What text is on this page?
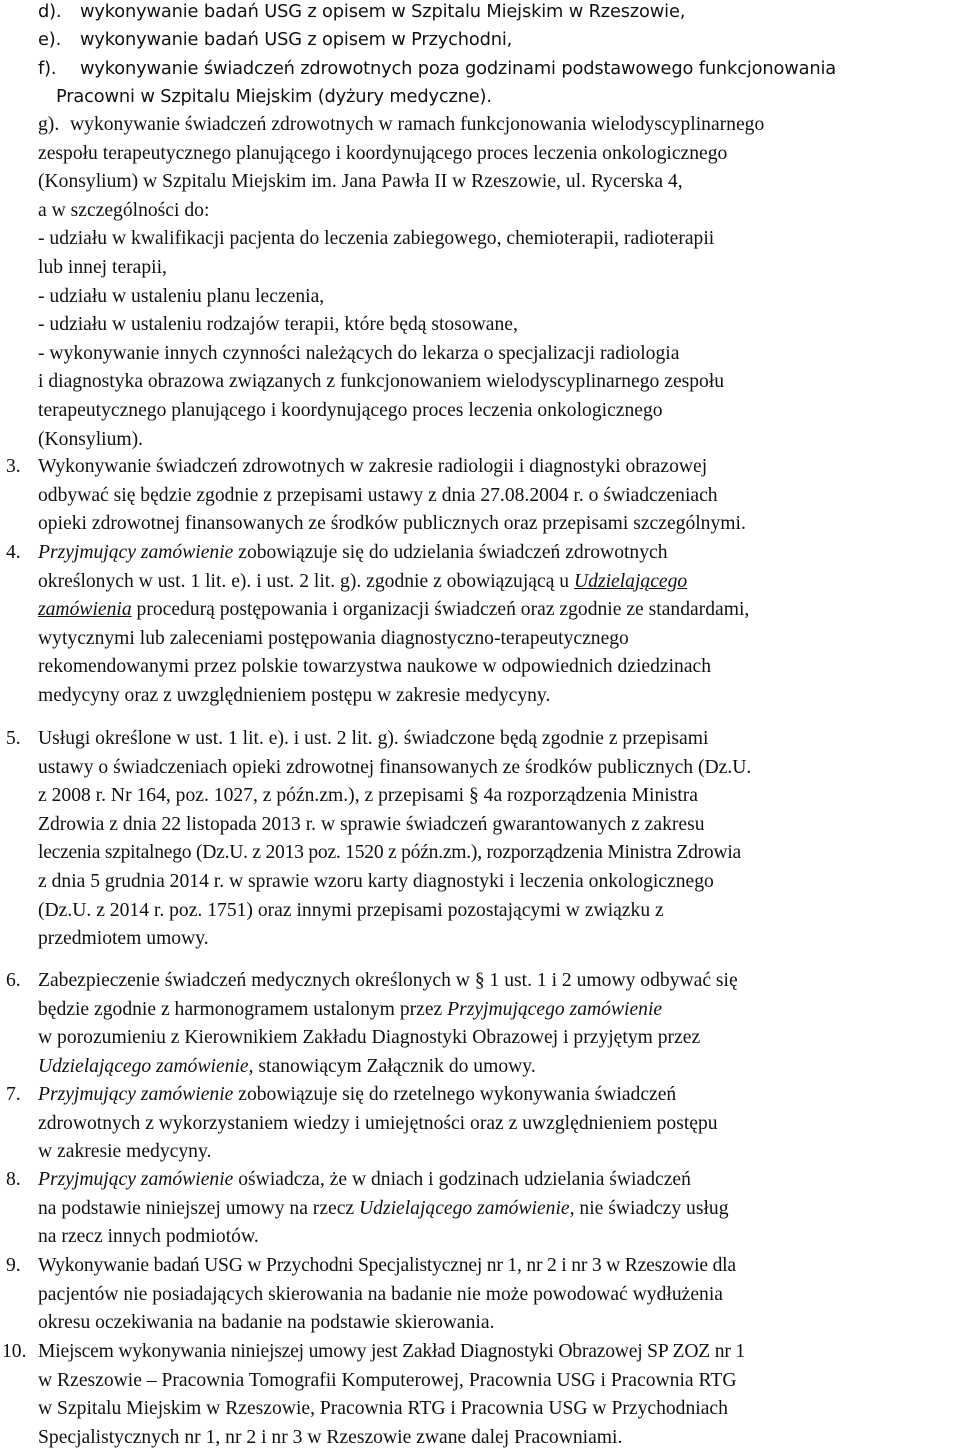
d). wykonywanie badań USG z opisem w Szpitalu Miejskim w Rzeszowie,
e). wykonywanie badań USG z opisem w Przychodni,
f). wykonywanie świadczeń zdrowotnych poza godzinami podstawowego funkcjonowania
Pracowni w Szpitalu Miejskim (dyżury medyczne).
g). wykonywanie świadczeń zdrowotnych w ramach funkcjonowania wielodyscyplinarnego
zespołu terapeutycznego planującego i koordynującego proces leczenia onkologicznego
(Konsylium) w Szpitalu Miejskim im. Jana Pawła II w Rzeszowie, ul. Rycerska 4,
a w szczególności do:
- udziału w kwalifikacji pacjenta do leczenia zabiegowego, chemioterapii, radioterapii
lub innej terapii,
- udziału w ustaleniu planu leczenia,
- udziału w ustaleniu rodzajów terapii, które będą stosowane,
- wykonywanie innych czynności należących do lekarza o specjalizacji radiologia
i diagnostyka obrazowa związanych z funkcjonowaniem wielodyscyplinarnego zespołu
terapeutycznego planującego i koordynującego proces leczenia onkologicznego
(Konsylium).
3. Wykonywanie świadczeń zdrowotnych w zakresie radiologii i diagnostyki obrazowej
odbywać się będzie zgodnie z przepisami ustawy z dnia 27.08.2004 r. o świadczeniach
opieki zdrowotnej finansowanych ze środków publicznych oraz przepisami szczególnymi.
4. Przyjmujący zamówienie zobowiązuje się do udzielania świadczeń zdrowotnych
określonych w ust. 1 lit. e). i ust. 2 lit. g). zgodnie z obowiązującą u Udzielającego
zamówienia procedurą postępowania i organizacji świadczeń oraz zgodnie ze standardami,
wytycznymi lub zaleceniami postępowania diagnostyczno-terapeutycznego
rekomendowanymi przez polskie towarzystwa naukowe w odpowiednich dziedzinach
medycyny oraz z uwzględnieniem postępu w zakresie medycyny.
5. Usługi określone w ust. 1 lit. e). i ust. 2 lit. g). świadczone będą zgodnie z przepisami
ustawy o świadczeniach opieki zdrowotnej finansowanych ze środków publicznych (Dz.U.
z 2008 r. Nr 164, poz. 1027, z późn.zm.), z przepisami § 4a rozporządzenia Ministra
Zdrowia z dnia 22 listopada 2013 r. w sprawie świadczeń gwarantowanych z zakresu
leczenia szpitalnego (Dz.U. z 2013 poz. 1520 z późn.zm.), rozporządzenia Ministra Zdrowia
z dnia 5 grudnia 2014 r. w sprawie wzoru karty diagnostyki i leczenia onkologicznego
(Dz.U. z 2014 r. poz. 1751) oraz innymi przepisami pozostającymi w związku z
przedmiotem umowy.
6. Zabezpieczenie świadczeń medycznych określonych w § 1 ust. 1 i 2 umowy odbywać się
będzie zgodnie z harmonogramem ustalonym przez Przyjmującego zamówienie
w porozumieniu z Kierownikiem Zakładu Diagnostyki Obrazowej i przyjętym przez
Udzielającego zamówienie, stanowiącym Załącznik do umowy.
7. Przyjmujący zamówienie zobowiązuje się do rzetelnego wykonywania świadczeń
zdrowotnych z wykorzystaniem wiedzy i umiejętności oraz z uwzględnieniem postępu
w zakresie medycyny.
8. Przyjmujący zamówienie oświadcza, że w dniach i godzinach udzielania świadczeń
na podstawie niniejszej umowy na rzecz Udzielającego zamówienie, nie świadczy usług
na rzecz innych podmiotów.
9. Wykonywanie badań USG w Przychodni Specjalistycznej nr 1, nr 2 i nr 3 w Rzeszowie dla
pacjentów nie posiadających skierowania na badanie nie może powodować wydłużenia
okresu oczekiwania na badanie na podstawie skierowania.
10. Miejscem wykonywania niniejszej umowy jest Zakład Diagnostyki Obrazowej SP ZOZ nr 1
w Rzeszowie – Pracownia Tomografii Komputerowej, Pracownia USG i Pracownia RTG
w Szpitalu Miejskim w Rzeszowie, Pracownia RTG i Pracownia USG w Przychodniach
Specjalistycznych nr 1, nr 2 i nr 3 w Rzeszowie zwane dalej Pracowniami.
